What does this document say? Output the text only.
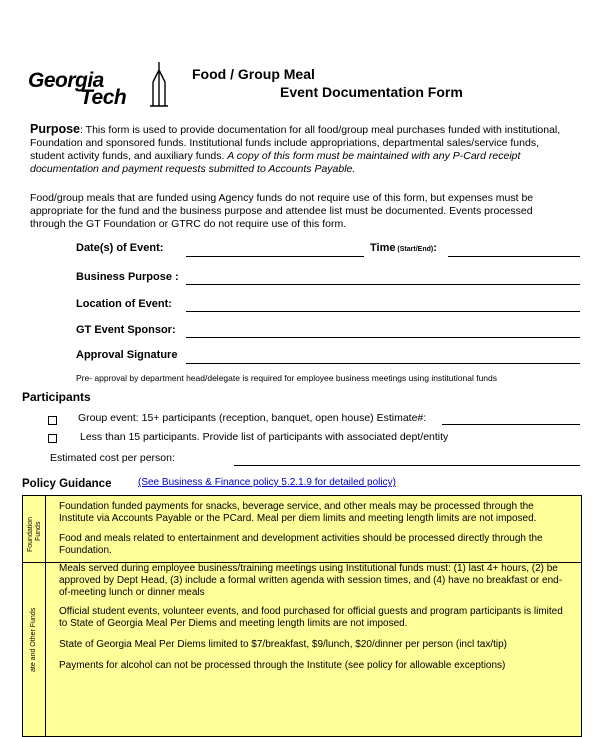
Georgia
Tech
Food / Group Meal
Event Documentation Form
Purpose: This form is used to provide documentation for all food/group meal purchases funded with institutional, Foundation and sponsored funds. Institutional funds include appropriations, departmental sales/service funds, student activity funds, and auxiliary funds. A copy of this form must be maintained with any P-Card receipt documentation and payment requests submitted to Accounts Payable.
Food/group meals that are funded using Agency funds do not require use of this form, but expenses must be appropriate for the fund and the business purpose and attendee list must be documented. Events processed through the GT Foundation or GTRC do not require use of this form.
Date(s) of Event:	Time (Start/End):
Business Purpose :
Location of Event:
GT Event Sponsor:
Approval Signature
Pre- approval by department head/delegate is required for employee business meetings using institutional funds
Participants
Group event: 15+ participants (reception, banquet, open house) Estimate#:
Less than 15 participants. Provide list of participants with associated dept/entity
Estimated cost per person:
Policy Guidance	(See Business & Finance policy 5.2.1.9 for detailed policy)
Foundation Funds
Foundation funded payments for snacks, beverage service, and other meals may be processed through the Institute via Accounts Payable or the PCard. Meal per diem limits and meeting length limits are not imposed.
Food and meals related to entertainment and development activities should be processed directly through the Foundation.
ate and Other Funds
Meals served during employee business/training meetings using Institutional funds must: (1) last 4+ hours, (2) be approved by Dept Head, (3) include a formal written agenda with session times, and (4) have no breakfast or end-of-meeting lunch or dinner meals
Official student events, volunteer events, and food purchased for official guests and program participants is limited to State of Georgia Meal Per Diems and meeting length limits are not imposed.
State of Georgia Meal Per Diems limited to $7/breakfast, $9/lunch, $20/dinner per person (incl tax/tip)
Payments for alcohol can not be processed through the Institute (see policy for allowable exceptions)
